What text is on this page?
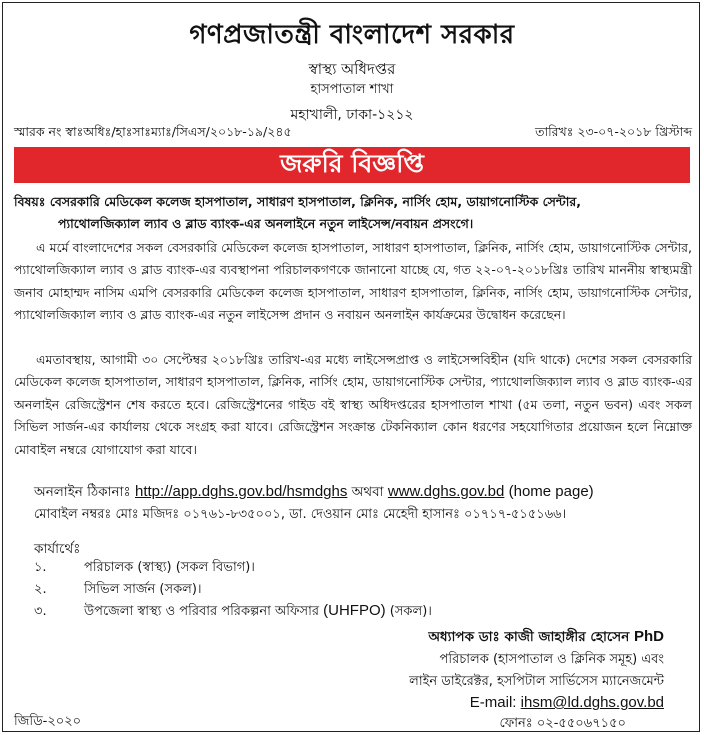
গণপ্রজাতন্ত্রী বাংলাদেশ সরকার
স্বাস্থ্য অধিদপ্তর
হাসপাতাল শাখা
মহাখালী, ঢাকা-১২১২
স্মারক নং স্বাঃঅধিঃ/হাঃসাঃম্যাঃ/সিএস/২০১৮-১৯/২৪৫	তারিখঃ ২৩-০৭-২০১৮ খ্রিস্টাব্দ
জরুরি বিজ্ঞপ্তি
বিষয়ঃ বেসরকারি মেডিকেল কলেজ হাসপাতাল, সাধারণ হাসপাতাল, ক্লিনিক, নার্সিং হোম, ডায়াগনোস্টিক সেন্টার,
প্যাথোলজিক্যাল ল্যাব ও ব্লাড ব্যাংক-এর অনলাইনে নতুন লাইসেন্স/নবায়ন প্রসংগে।
এ মর্মে বাংলাদেশের সকল বেসরকারি মেডিকেল কলেজ হাসপাতাল, সাধারণ হাসপাতাল, ক্লিনিক, নার্সিং হোম, ডায়াগনোস্টিক সেন্টার, প্যাথোলজিক্যাল ল্যাব ও ব্লাড ব্যাংক-এর ব্যবস্থাপনা পরিচালকগণকে জানানো যাচ্ছে যে, গত ২২-০৭-২০১৮খ্রিঃ তারিখ মাননীয় স্বাস্থ্যমন্ত্রী জনাব মোহাম্মদ নাসিম এমপি বেসরকারি মেডিকেল কলেজ হাসপাতাল, সাধারণ হাসপাতাল, ক্লিনিক, নার্সিং হোম, ডায়াগনোস্টিক সেন্টার, প্যাথোলজিক্যাল ল্যাব ও ব্লাড ব্যাংক-এর নতুন লাইসেন্স প্রদান ও নবায়ন অনলাইন কার্যক্রমের উদ্বোধন করেছেন।
এমতাবস্থায়, আগামী ৩০ সেপ্টেম্বর ২০১৮খ্রিঃ তারিখ-এর মধ্যে লাইসেন্সপ্রাপ্ত ও লাইসেন্সবিহীন (যদি থাকে) দেশের সকল বেসরকারি মেডিকেল কলেজ হাসপাতাল, সাধারণ হাসপাতাল, ক্লিনিক, নার্সিং হোম, ডায়াগনোস্টিক সেন্টার, প্যাথোলজিক্যাল ল্যাব ও ব্লাড ব্যাংক-এর অনলাইন রেজিস্ট্রেশন শেষ করতে হবে। রেজিস্ট্রেশনের গাইড বই স্বাস্থ্য অধিদপ্তরের হাসপাতাল শাখা (৫ম তলা, নতুন ভবন) এবং সকল সিভিল সার্জন-এর কার্যালয় থেকে সংগ্রহ করা যাবে। রেজিস্ট্রেশন সংক্রান্ত টেকনিক্যাল কোন ধরণের সহযোগিতার প্রয়োজন হলে নিম্নোক্ত মোবাইল নম্বরে যোগাযোগ করা যাবে।
অনলাইন ঠিকানাঃ http://app.dghs.gov.bd/hsmdghs অথবা www.dghs.gov.bd (home page)
মোবাইল নম্বরঃ মোঃ মজিদঃ ০১৭৬১-৮৩৫০০১, ডা. দেওয়ান মোঃ মেহেদী হাসানঃ ০১৭১৭-৫১৫১৬৬।
কার্যার্থেঃ
১.	পরিচালক (স্বাস্থ্য) (সকল বিভাগ)।
২.	সিভিল সার্জন (সকল)।
৩.	উপজেলা স্বাস্থ্য ও পরিবার পরিকল্পনা অফিসার (UHFPO) (সকল)।
অধ্যাপক ডাঃ কাজী জাহাঙ্গীর হোসেন PhD
পরিচালক (হাসপাতাল ও ক্লিনিক সমূহ) এবং
লাইন ডাইরেক্টর, হসপিটাল সার্ভিসেস ম্যানেজমেন্ট
E-mail: ihsm@ld.dghs.gov.bd
ফোনঃ ০২-৫৫০৬৭১৫০
জিডি-২০২০
